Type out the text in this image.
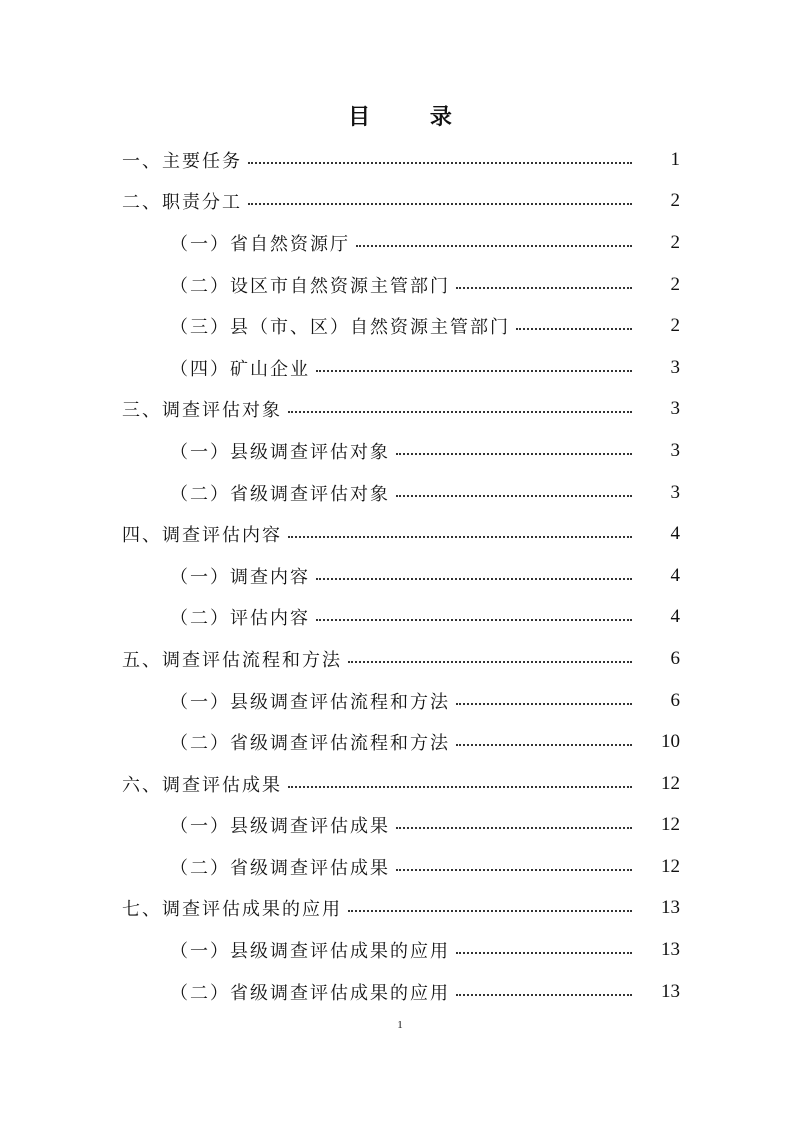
目 录
一、主要任务	1
二、职责分工	2
（一）省自然资源厅	2
（二）设区市自然资源主管部门	2
（三）县（市、区）自然资源主管部门	2
（四）矿山企业	3
三、调查评估对象	3
（一）县级调查评估对象	3
（二）省级调查评估对象	3
四、调查评估内容	4
（一）调查内容	4
（二）评估内容	4
五、调查评估流程和方法	6
（一）县级调查评估流程和方法	6
（二）省级调查评估流程和方法	10
六、调查评估成果	12
（一）县级调查评估成果	12
（二）省级调查评估成果	12
七、调查评估成果的应用	13
（一）县级调查评估成果的应用	13
（二）省级调查评估成果的应用	13
1
